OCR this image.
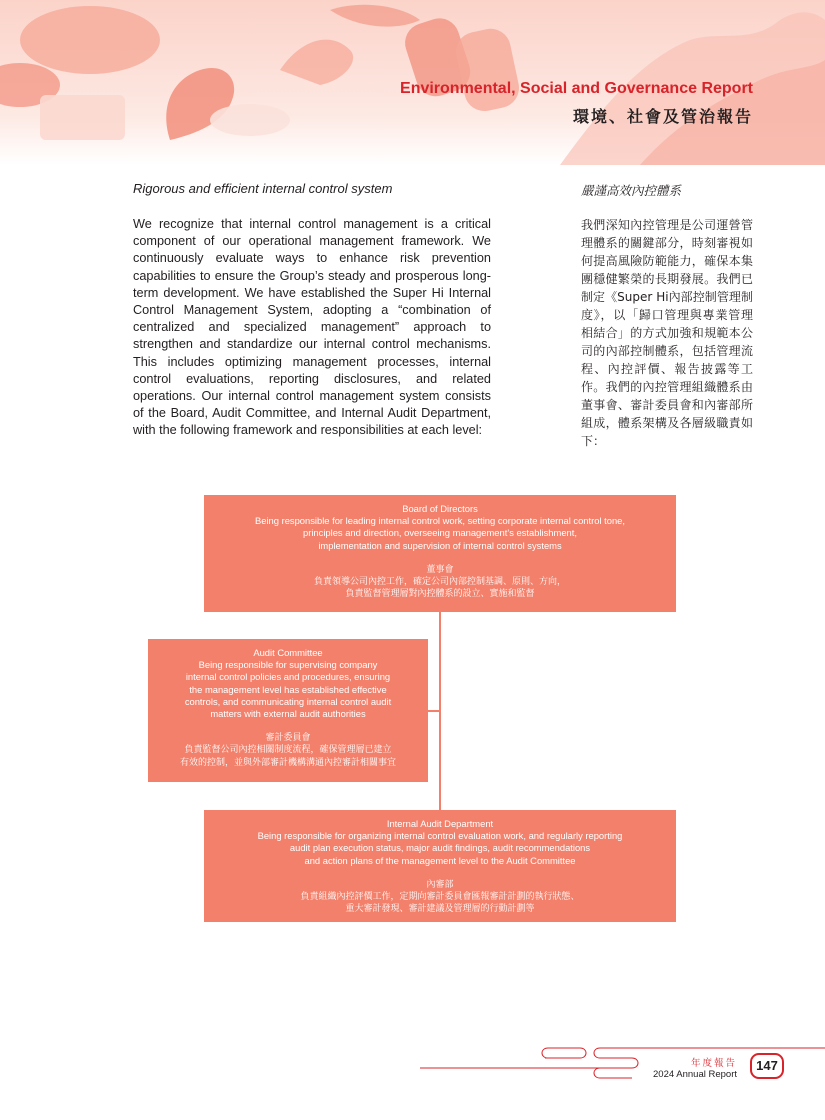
Environmental, Social and Governance Report
環境、社會及管治報告
Rigorous and efficient internal control system	嚴謹高效內控體系

We recognize that internal control management is a critical component of our operational management framework. We continuously evaluate ways to enhance risk prevention capabilities to ensure the Group’s steady and prosperous long-term development. We have established the Super Hi Internal Control Management System, adopting a “combination of centralized and specialized management” approach to strengthen and standardize our internal control mechanisms. This includes optimizing management processes, internal control evaluations, reporting disclosures, and related operations. Our internal control management system consists of the Board, Audit Committee, and Internal Audit Department, with the following framework and responsibilities at each level:

我們深知內控管理是公司運營管理體系的關鍵部分，時刻審視如何提高風險防範能力，確保本集團穩健繁榮的長期發展。我們已制定《Super Hi內部控制管理制度》，以「歸口管理與專業管理相結合」的方式加強和規範本公司的內部控制體系，包括管理流程、內控評價、報告披露等工作。我們的內控管理組織體系由董事會、審計委員會和內審部所組成，體系架構及各層級職責如下：

Board of Directors
Being responsible for leading internal control work, setting corporate internal control tone,
principles and direction, overseeing management’s establishment,
implementation and supervision of internal control systems
董事會
負責領導公司內控工作，確定公司內部控制基調、原則、方向，
負責監督管理層對內控體系的設立、實施和監督
Audit Committee
Being responsible for supervising company
internal control policies and procedures, ensuring
the management level has established effective
controls, and communicating internal control audit
matters with external audit authorities
審計委員會
負責監督公司內控相關制度流程，確保管理層已建立
有效的控制，並與外部審計機構溝通內控審計相關事宜
Internal Audit Department
Being responsible for organizing internal control evaluation work, and regularly reporting
audit plan execution status, major audit findings, audit recommendations
and action plans of the management level to the Audit Committee
內審部
負責組織內控評價工作，定期向審計委員會匯報審計計劃的執行狀態、
重大審計發現、審計建議及管理層的行動計劃等
年度報告
2024 Annual Report
147
